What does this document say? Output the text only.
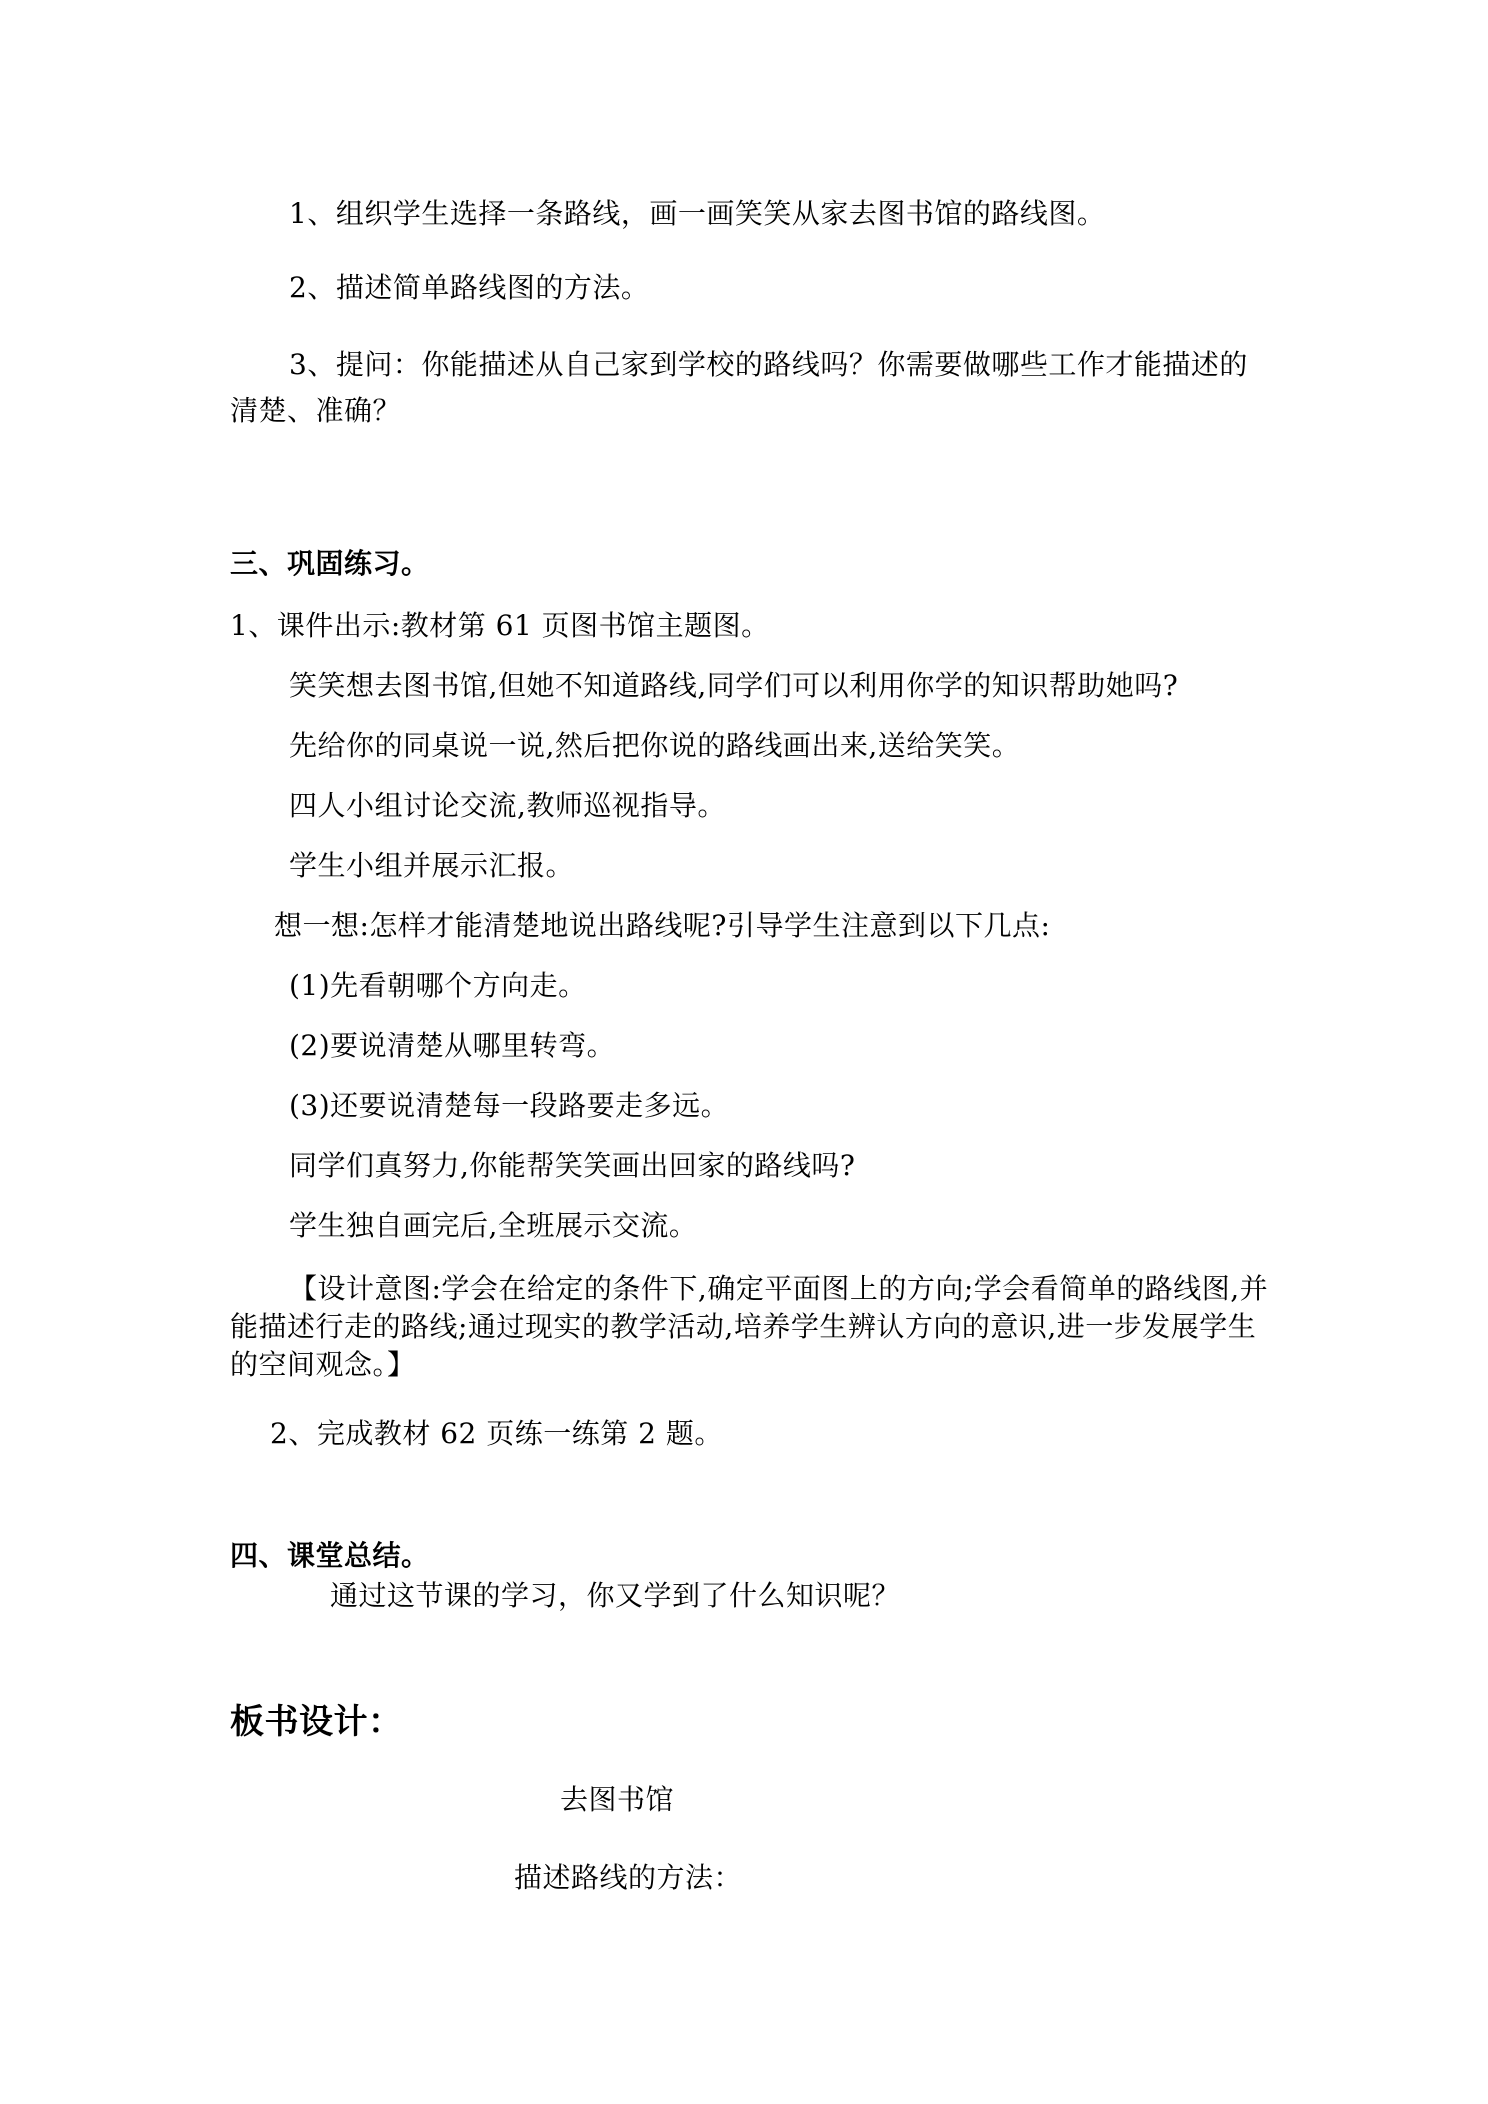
1、组织学生选择一条路线，画一画笑笑从家去图书馆的路线图。
2、描述简单路线图的方法。
3、提问：你能描述从自己家到学校的路线吗？你需要做哪些工作才能描述的清楚、准确？
三、巩固练习。
1、课件出示:教材第 61 页图书馆主题图。
笑笑想去图书馆,但她不知道路线,同学们可以利用你学的知识帮助她吗?
先给你的同桌说一说,然后把你说的路线画出来,送给笑笑。
四人小组讨论交流,教师巡视指导。
学生小组并展示汇报。
想一想:怎样才能清楚地说出路线呢?引导学生注意到以下几点:
(1)先看朝哪个方向走。
(2)要说清楚从哪里转弯。
(3)还要说清楚每一段路要走多远。
同学们真努力,你能帮笑笑画出回家的路线吗?
学生独自画完后,全班展示交流。
【设计意图:学会在给定的条件下,确定平面图上的方向;学会看简单的路线图,并能描述行走的路线;通过现实的教学活动,培养学生辨认方向的意识,进一步发展学生的空间观念。】
2、完成教材 62 页练一练第 2 题。
四、课堂总结。
通过这节课的学习，你又学到了什么知识呢？
板书设计：
去图书馆
描述路线的方法：
